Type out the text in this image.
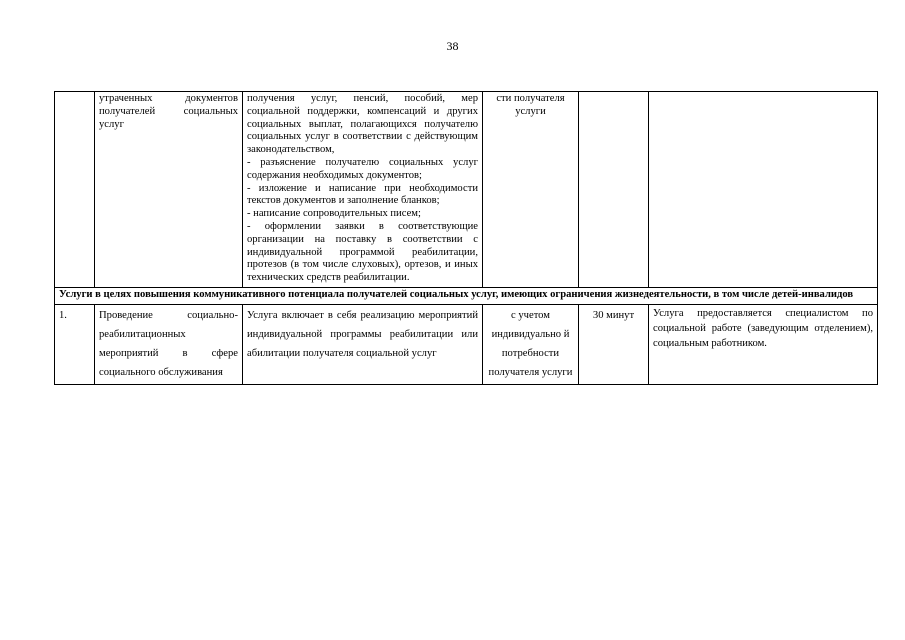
38
	утраченных документов получателей социальных услуг	получения услуг, пенсий, пособий, мер социальной поддержки, компенсаций и других социальных выплат, полагающихся получателю социальных услуг в соответствии с действующим законодательством,

- разъяснение получателю социальных услуг содержания необходимых документов;

- изложение и написание при необходимости текстов документов и заполнение бланков;

- написание сопроводительных писем;

- оформлении заявки в соответствующие организации на поставку в соответствии с индивидуальной программой реабилитации, протезов (в том числе слуховых), ортезов, и иных технических средств реабилитации.	сти получателя услуги		
Услуги в целях повышения коммуникативного потенциала получателей социальных услуг, имеющих ограничения жизнедеятельности, в том числе детей-инвалидов					

1.	Проведение социально-реабилитационных мероприятий в сфере социального обслуживания	Услуга включает в себя реализацию мероприятий индивидуальной программы реабилитации или абилитации получателя социальной услуг	с учетом индивидуально й потребности получателя услуги	30 минут	Услуга предоставляется специалистом по социальной работе (заведующим отделением), социальным работником.
